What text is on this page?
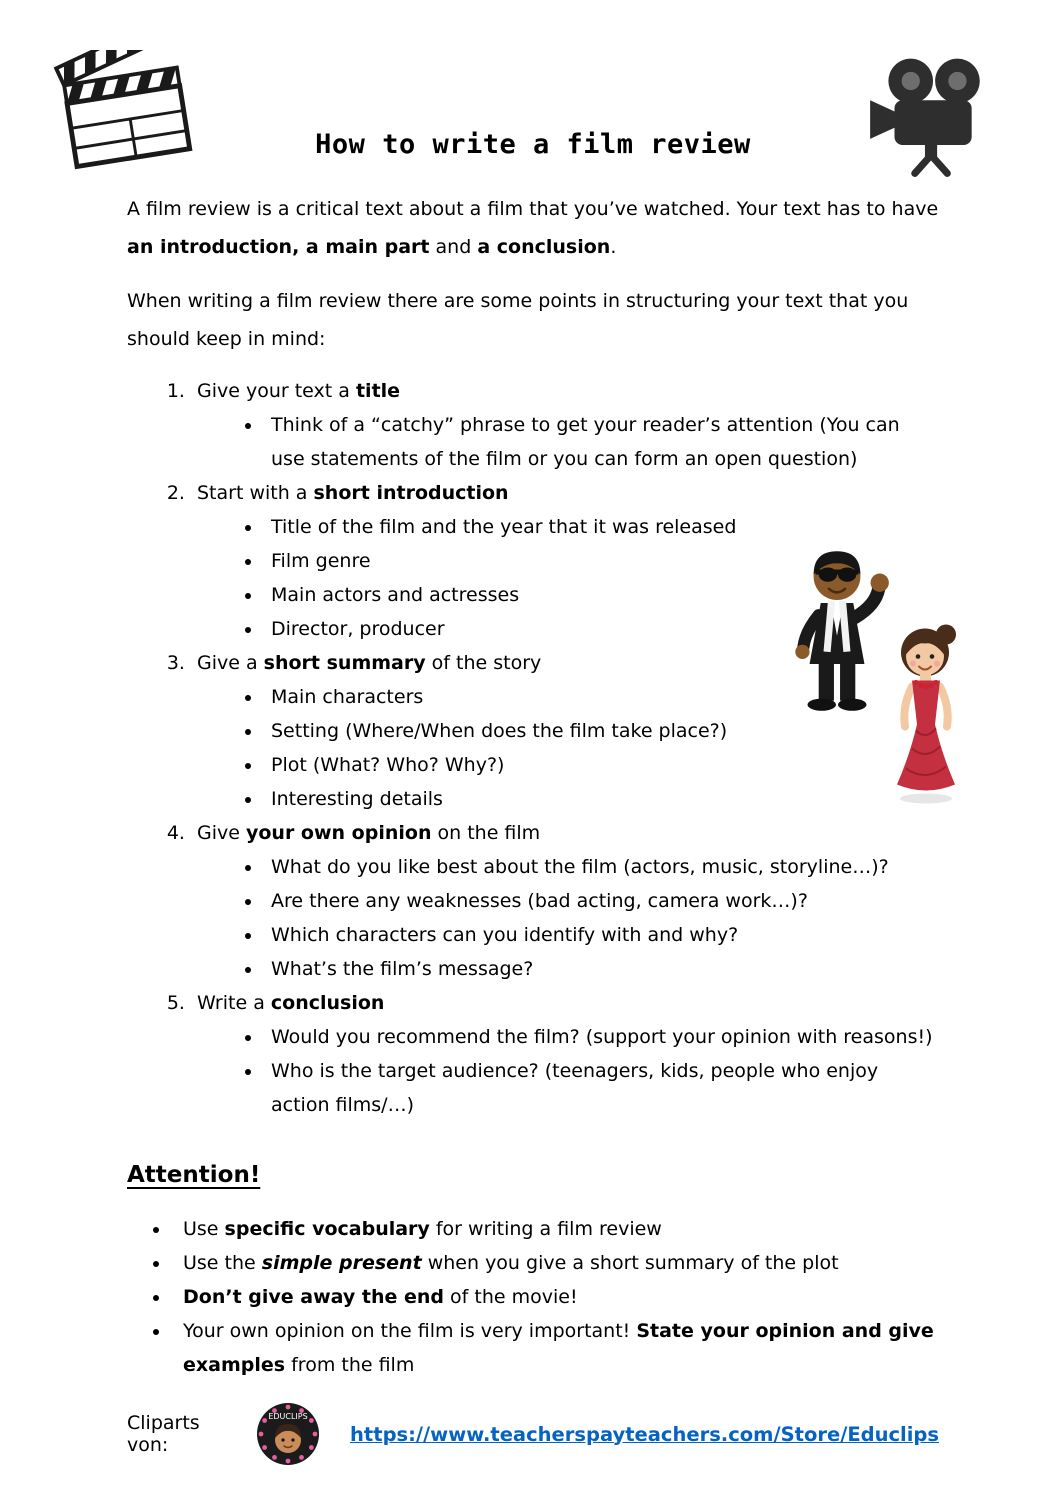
How to write a film review

A film review is a critical text about a film that you’ve watched. Your text has to have an introduction, a main part and a conclusion.

When writing a film review there are some points in structuring your text that you should keep in mind:

1. Give your text a title
• Think of a “catchy” phrase to get your reader’s attention (You can use statements of the film or you can form an open question)
2. Start with a short introduction
• Title of the film and the year that it was released
• Film genre
• Main actors and actresses
• Director, producer
3. Give a short summary of the story
• Main characters
• Setting (Where/When does the film take place?)
• Plot (What? Who? Why?)
• Interesting details
4. Give your own opinion on the film
• What do you like best about the film (actors, music, storyline…)?
• Are there any weaknesses (bad acting, camera work…)?
• Which characters can you identify with and why?
• What’s the film’s message?
5. Write a conclusion
• Would you recommend the film? (support your opinion with reasons!)
• Who is the target audience? (teenagers, kids, people who enjoy action films/…)
Attention!
• Use specific vocabulary for writing a film review
• Use the simple present when you give a short summary of the plot
• Don’t give away the end of the movie!
• Your own opinion on the film is very important! State your opinion and give examples from the film
Cliparts von:
EDUCLIPS
https://www.teacherspayteachers.com/Store/Educlips
